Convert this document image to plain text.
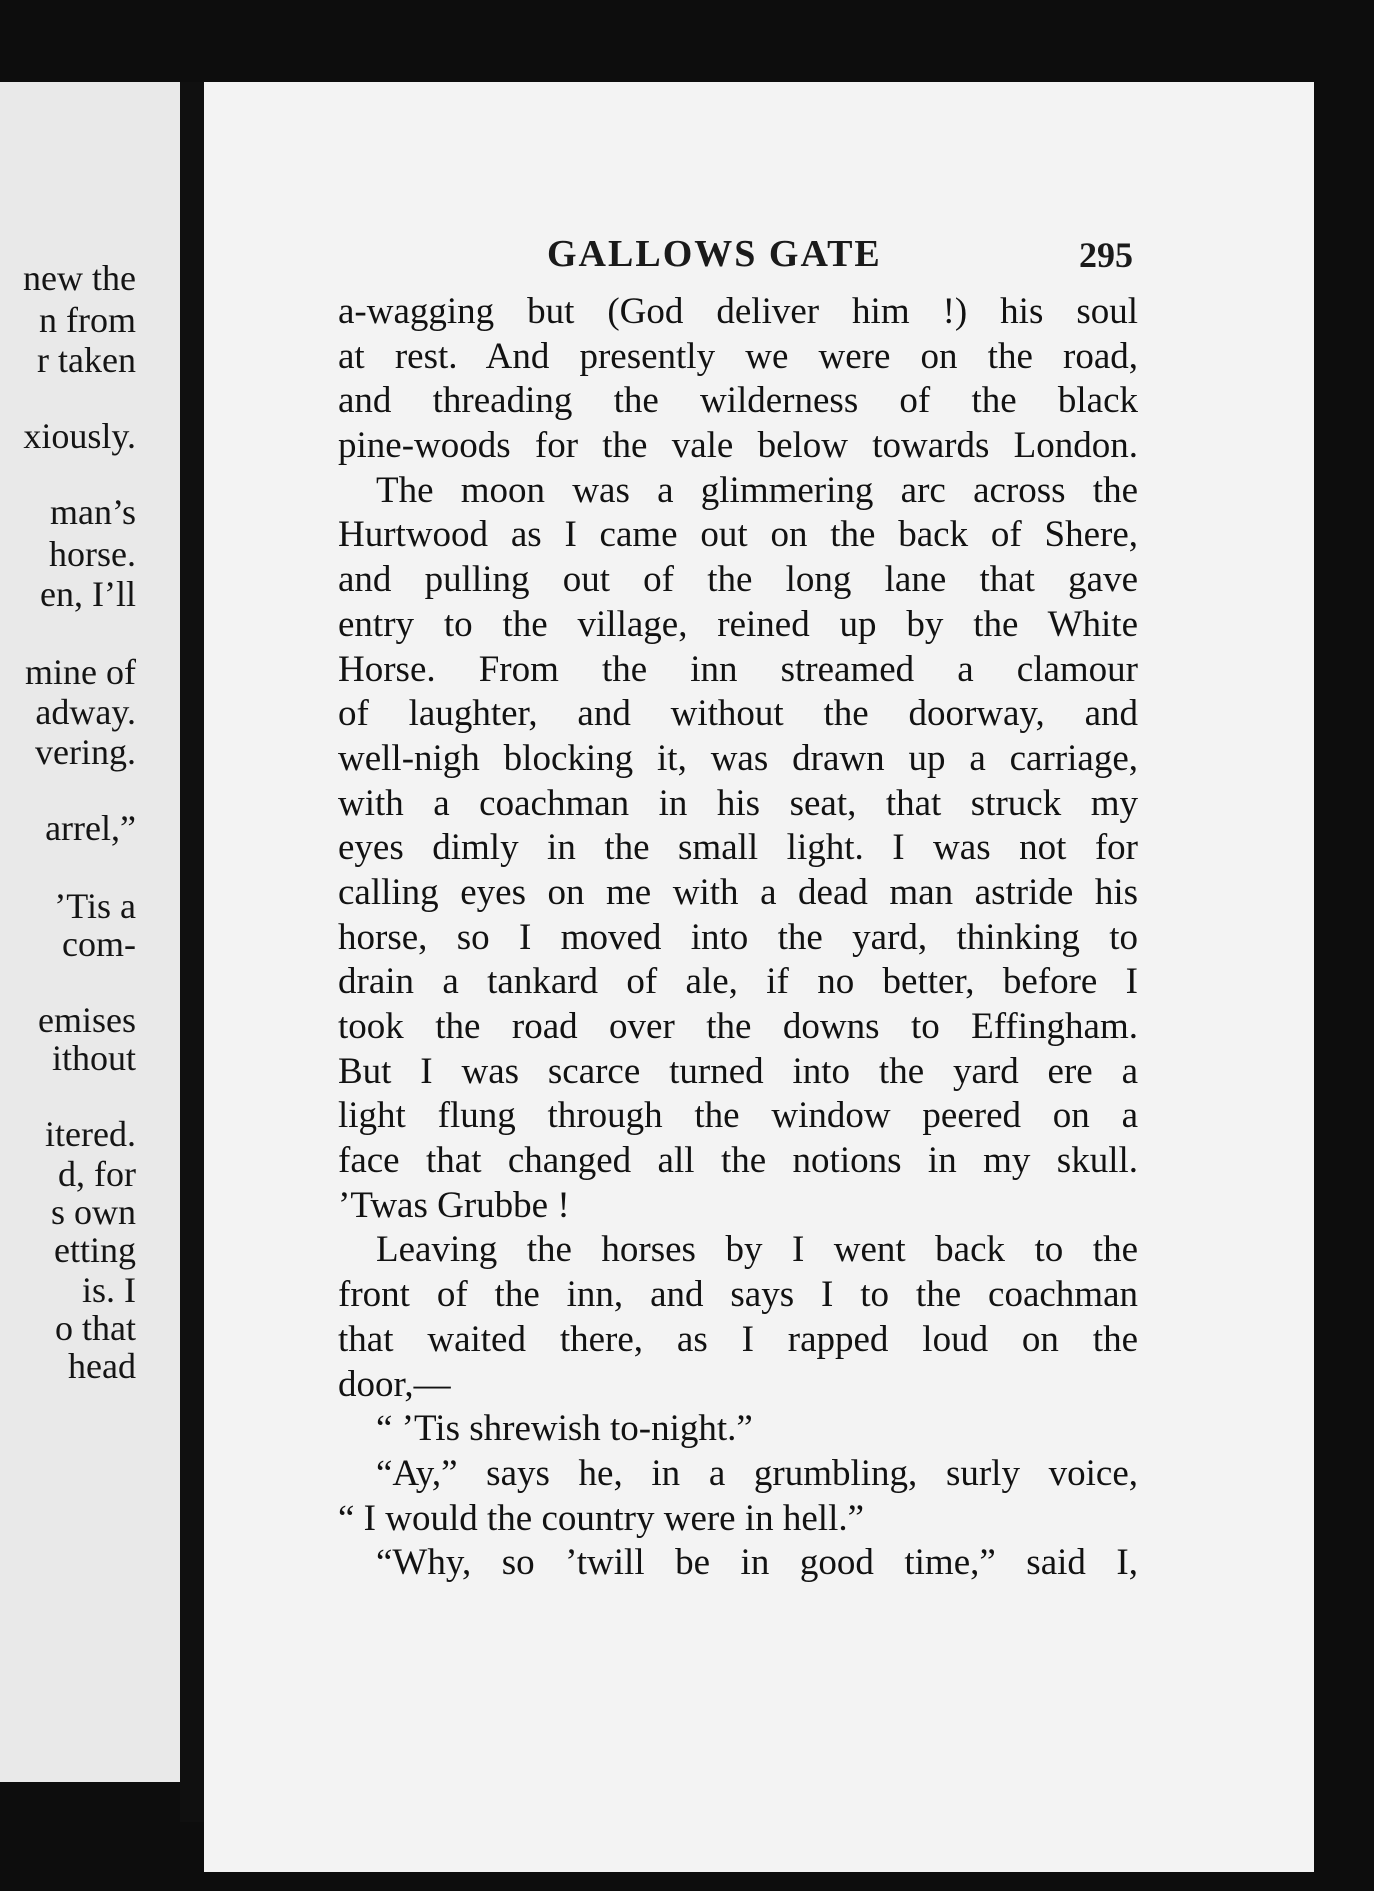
new the
n from
r taken
xiously.
man’s
horse.
en, I’ll
mine of
adway.
vering.
arrel,”
’Tis a
com-
emises
ithout
itered.
d, for
s own
etting
is. I
o that
head
GALLOWS GATE	295
a-wagging but (God deliver him !) his soul
at rest. And presently we were on the road,
and threading the wilderness of the black
pine-woods for the vale below towards London.
The moon was a glimmering arc across the
Hurtwood as I came out on the back of Shere,
and pulling out of the long lane that gave
entry to the village, reined up by the White
Horse. From the inn streamed a clamour
of laughter, and without the doorway, and
well-nigh blocking it, was drawn up a carriage,
with a coachman in his seat, that struck my
eyes dimly in the small light. I was not for
calling eyes on me with a dead man astride his
horse, so I moved into the yard, thinking to
drain a tankard of ale, if no better, before I
took the road over the downs to Effingham.
But I was scarce turned into the yard ere a
light flung through the window peered on a
face that changed all the notions in my skull.
’Twas Grubbe !
Leaving the horses by I went back to the
front of the inn, and says I to the coachman
that waited there, as I rapped loud on the
door,—
“ ’Tis shrewish to-night.”
“Ay,” says he, in a grumbling, surly voice,
“ I would the country were in hell.”
“Why, so ’twill be in good time,” said I,
